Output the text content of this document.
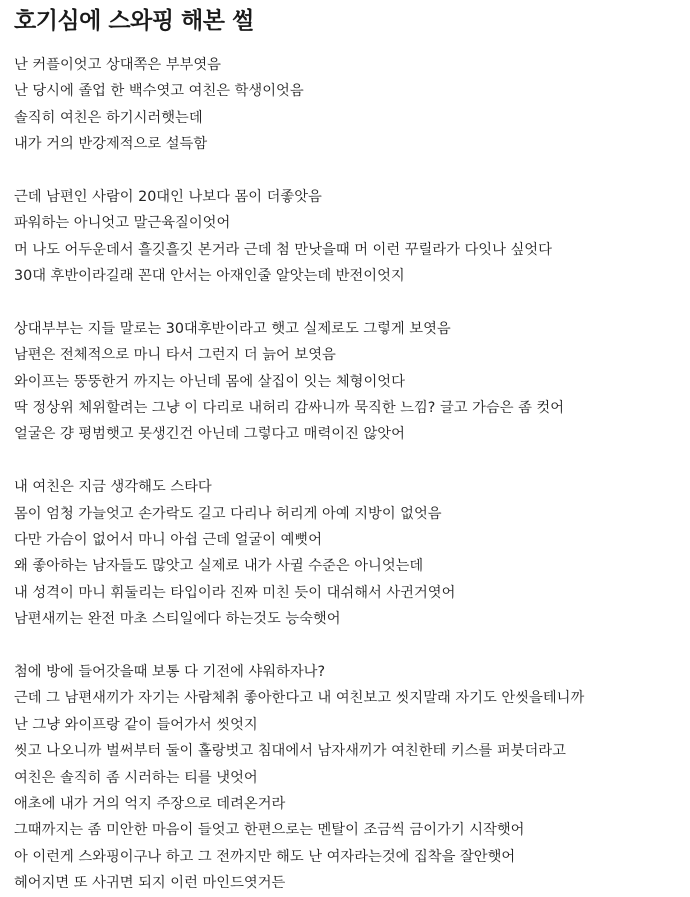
호기심에 스와핑 해본 썰
난 커플이엇고 상대쪽은 부부엿음
난 당시에 졸업 한 백수엿고 여친은 학생이엇음
솔직히 여친은 하기시러햇는데
내가 거의 반강제적으로 설득함
근데 남편인 사람이 20대인 나보다 몸이 더좋앗음
파워하는 아니엇고 말근육질이엇어
머 나도 어두운데서 흘깃흘깃 본거라 근데 첨 만낫을때 머 이런 꾸릴라가 다잇나 싶엇다
30대 후반이라길래 꼰대 안서는 아재인줄 알앗는데 반전이엇지
상대부부는 지들 말로는 30대후반이라고 햇고 실제로도 그렇게 보엿음
남편은 전체적으로 마니 타서 그런지 더 늙어 보엿음
와이프는 뚱뚱한거 까지는 아닌데 몸에 살집이 잇는 체형이엇다
딱 정상위 체위할려는 그냥 이 다리로 내허리 감싸니까 묵직한 느낌? 글고 가슴은 좀 컷어
얼굴은 걍 평범햇고 못생긴건 아닌데 그렇다고 매력이진 않앗어
내 여친은 지금 생각해도 스타다
몸이 엄청 가늘엇고 손가락도 길고 다리나 허리게 아예 지방이 없엇음
다만 가슴이 없어서 마니 아쉽 근데 얼굴이 예뻣어
왜 좋아하는 남자들도 많앗고 실제로 내가 사귈 수준은 아니엇는데
내 성격이 마니 휘둘리는 타입이라 진짜 미친 듯이 대쉬해서 사귄거엿어
남편새끼는 완전 마초 스티일에다 하는것도 능숙햇어
첨에 방에 들어갓을때 보통 다 기전에 샤워하자나?
근데 그 남편새끼가 자기는 사람체취 좋아한다고 내 여친보고 씻지말래 자기도 안씻을테니까
난 그냥 와이프랑 같이 들어가서 씻엇지
씻고 나오니까 벌써부터 둘이 홀랑벗고 침대에서 남자새끼가 여친한테 키스를 퍼붓더라고
여친은 솔직히 좀 시러하는 티를 냇엇어
애초에 내가 거의 억지 주장으로 데려온거라
그때까지는 좀 미안한 마음이 들엇고 한편으로는 멘탈이 조금씩 금이가기 시작햇어
아 이런게 스와핑이구나 하고 그 전까지만 해도 난 여자라는것에 집착을 잘안햇어
헤어지면 또 사귀면 되지 이런 마인드엿거든
